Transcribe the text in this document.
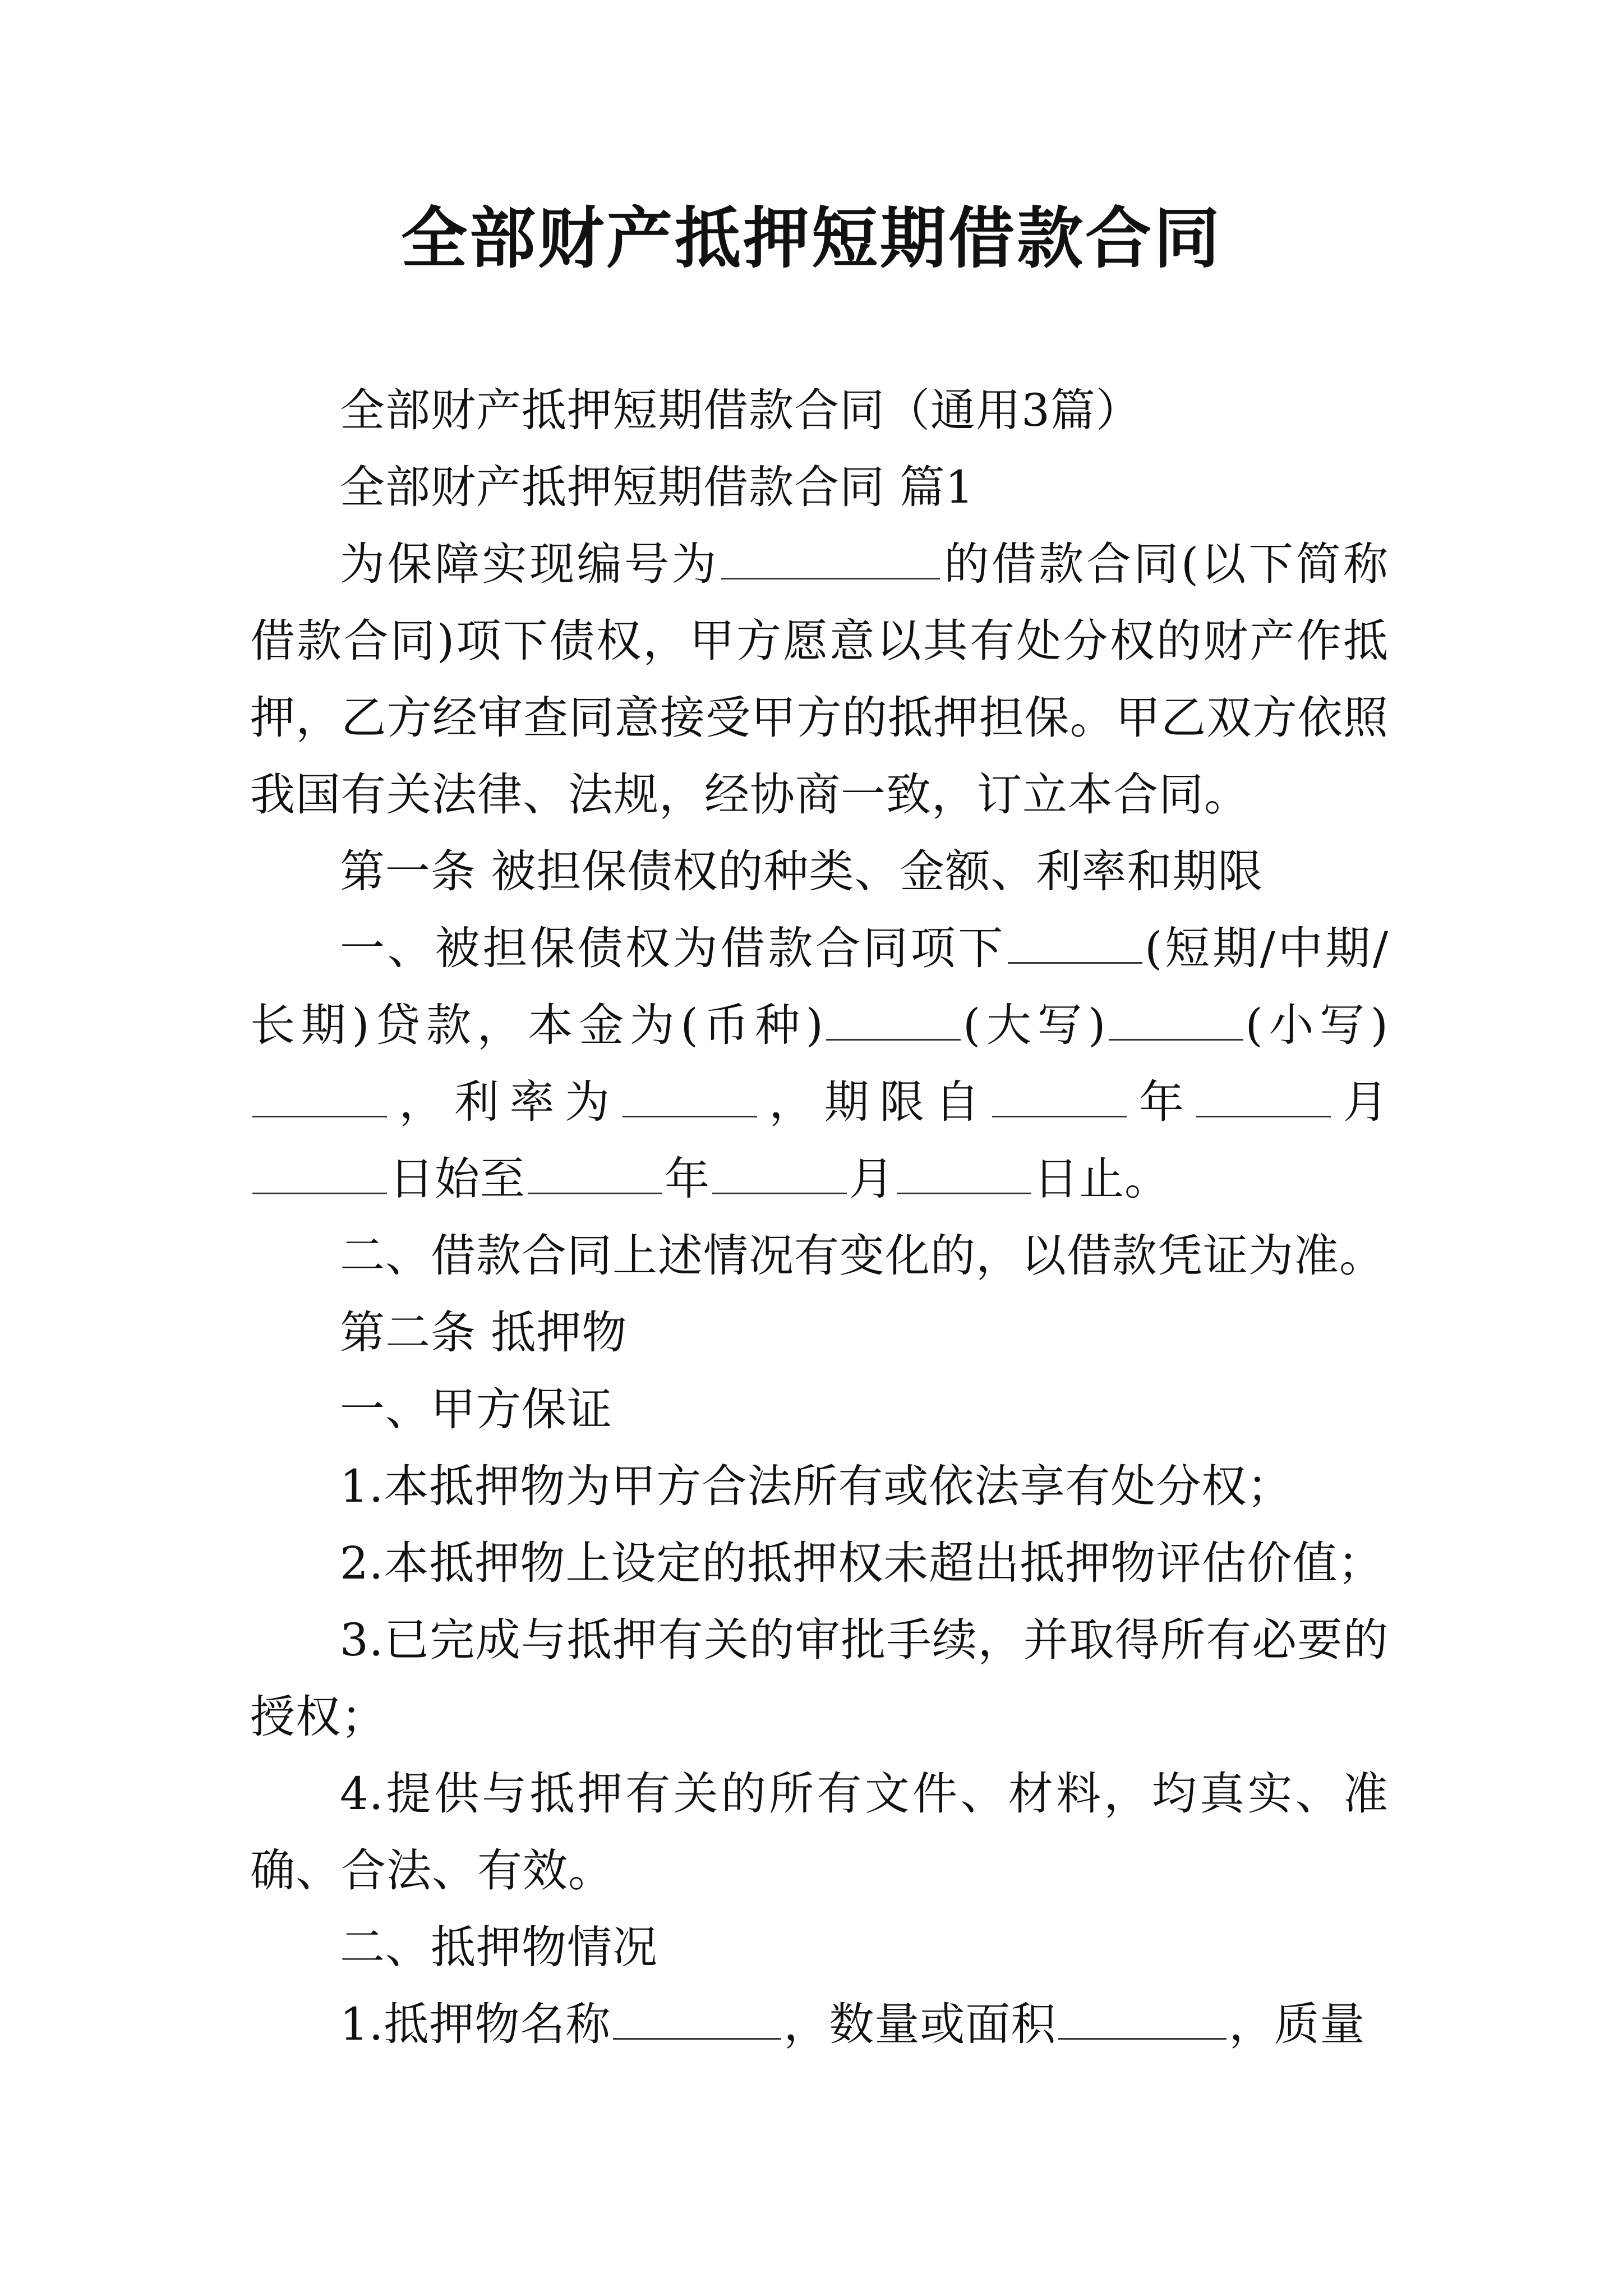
全部财产抵押短期借款合同

全部财产抵押短期借款合同（通用3篇）

全部财产抵押短期借款合同 篇1

为保障实现编号为	的借款合同(以下简称借款合同)项下债权，甲方愿意以其有处分权的财产作抵押，乙方经审查同意接受甲方的抵押担保。甲乙双方依照我国有关法律、法规，经协商一致，订立本合同。

第一条 被担保债权的种类、金额、利率和期限

一、被担保债权为借款合同项下	(短期/中期/长期)贷款，本金为(币种)	(大写)	(小写)，利率为	，期限自	年	月日始至	年	月	日止。

二、借款合同上述情况有变化的，以借款凭证为准。

第二条 抵押物

一、甲方保证

1.本抵押物为甲方合法所有或依法享有处分权；

2.本抵押物上设定的抵押权未超出抵押物评估价值；

3.已完成与抵押有关的审批手续，并取得所有必要的授权；

4.提供与抵押有关的所有文件、材料，均真实、准确、合法、有效。

二、抵押物情况

1.抵押物名称	，数量或面积	，质量
